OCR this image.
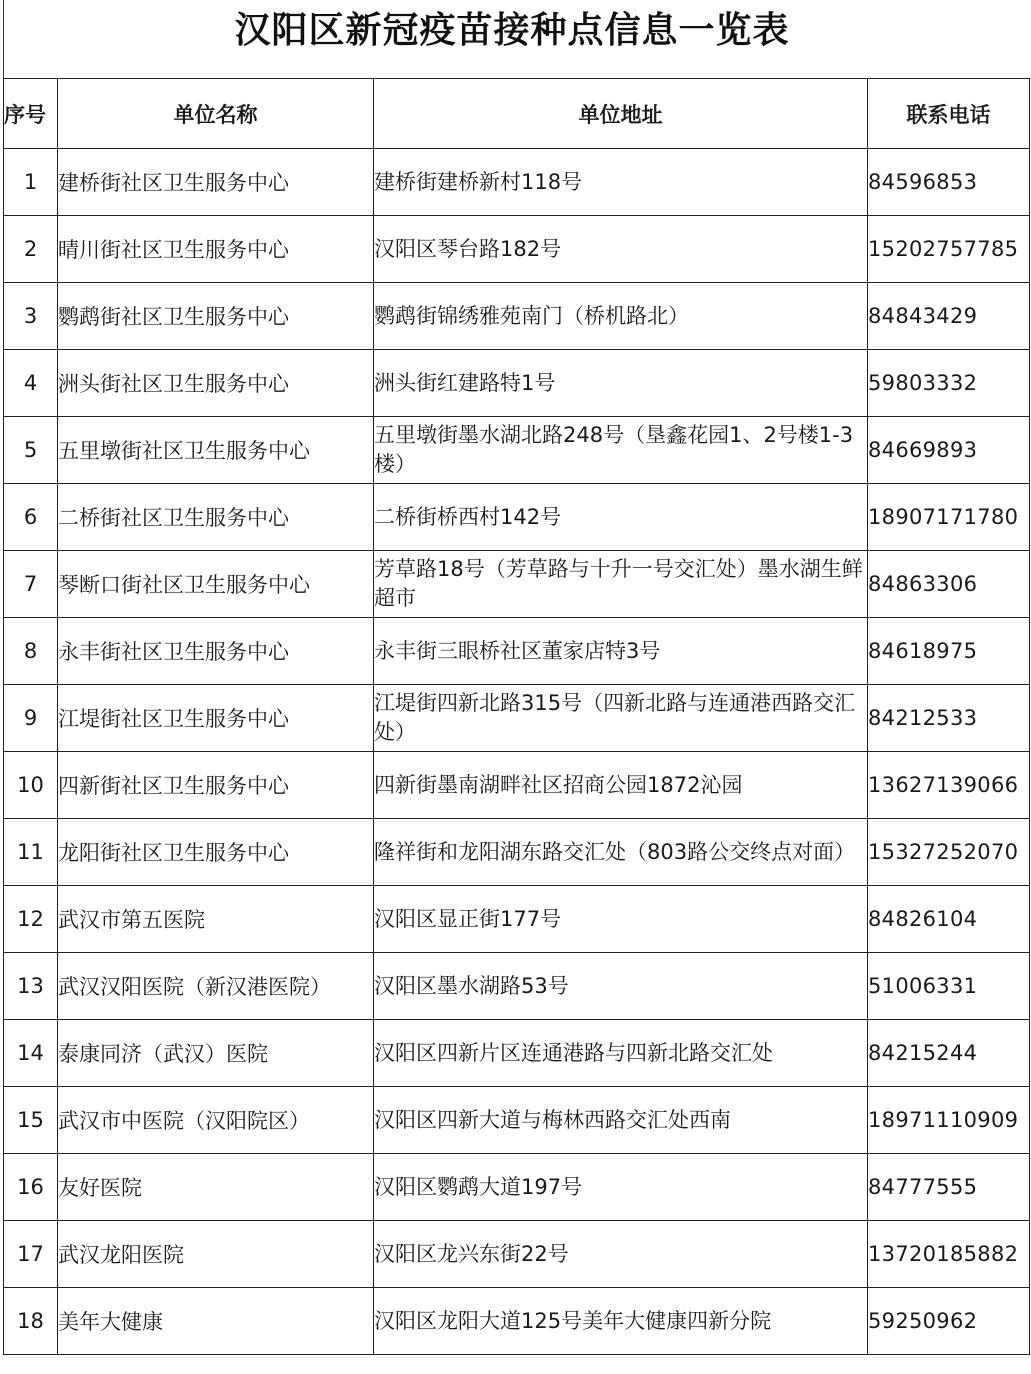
汉阳区新冠疫苗接种点信息一览表
序号	单位名称	单位地址	联系电话
1	建桥街社区卫生服务中心	建桥街建桥新村118号	84596853
2	晴川街社区卫生服务中心	汉阳区琴台路182号	15202757785
3	鹦鹉街社区卫生服务中心	鹦鹉街锦绣雅苑南门（桥机路北）	84843429
4	洲头街社区卫生服务中心	洲头街红建路特1号	59803332
5	五里墩街社区卫生服务中心	五里墩街墨水湖北路248号（垦鑫花园1、2号楼1-3楼）	84669893
6	二桥街社区卫生服务中心	二桥街桥西村142号	18907171780
7	琴断口街社区卫生服务中心	芳草路18号（芳草路与十升一号交汇处）墨水湖生鲜超市	84863306
8	永丰街社区卫生服务中心	永丰街三眼桥社区董家店特3号	84618975
9	江堤街社区卫生服务中心	江堤街四新北路315号（四新北路与连通港西路交汇处）	84212533
10	四新街社区卫生服务中心	四新街墨南湖畔社区招商公园1872沁园	13627139066
11	龙阳街社区卫生服务中心	隆祥街和龙阳湖东路交汇处（803路公交终点对面）	15327252070
12	武汉市第五医院	汉阳区显正街177号	84826104
13	武汉汉阳医院（新汉港医院）	汉阳区墨水湖路53号	51006331
14	泰康同济（武汉）医院	汉阳区四新片区连通港路与四新北路交汇处	84215244
15	武汉市中医院（汉阳院区）	汉阳区四新大道与梅林西路交汇处西南	18971110909
16	友好医院	汉阳区鹦鹉大道197号	84777555
17	武汉龙阳医院	汉阳区龙兴东街22号	13720185882
18	美年大健康	汉阳区龙阳大道125号美年大健康四新分院	59250962
